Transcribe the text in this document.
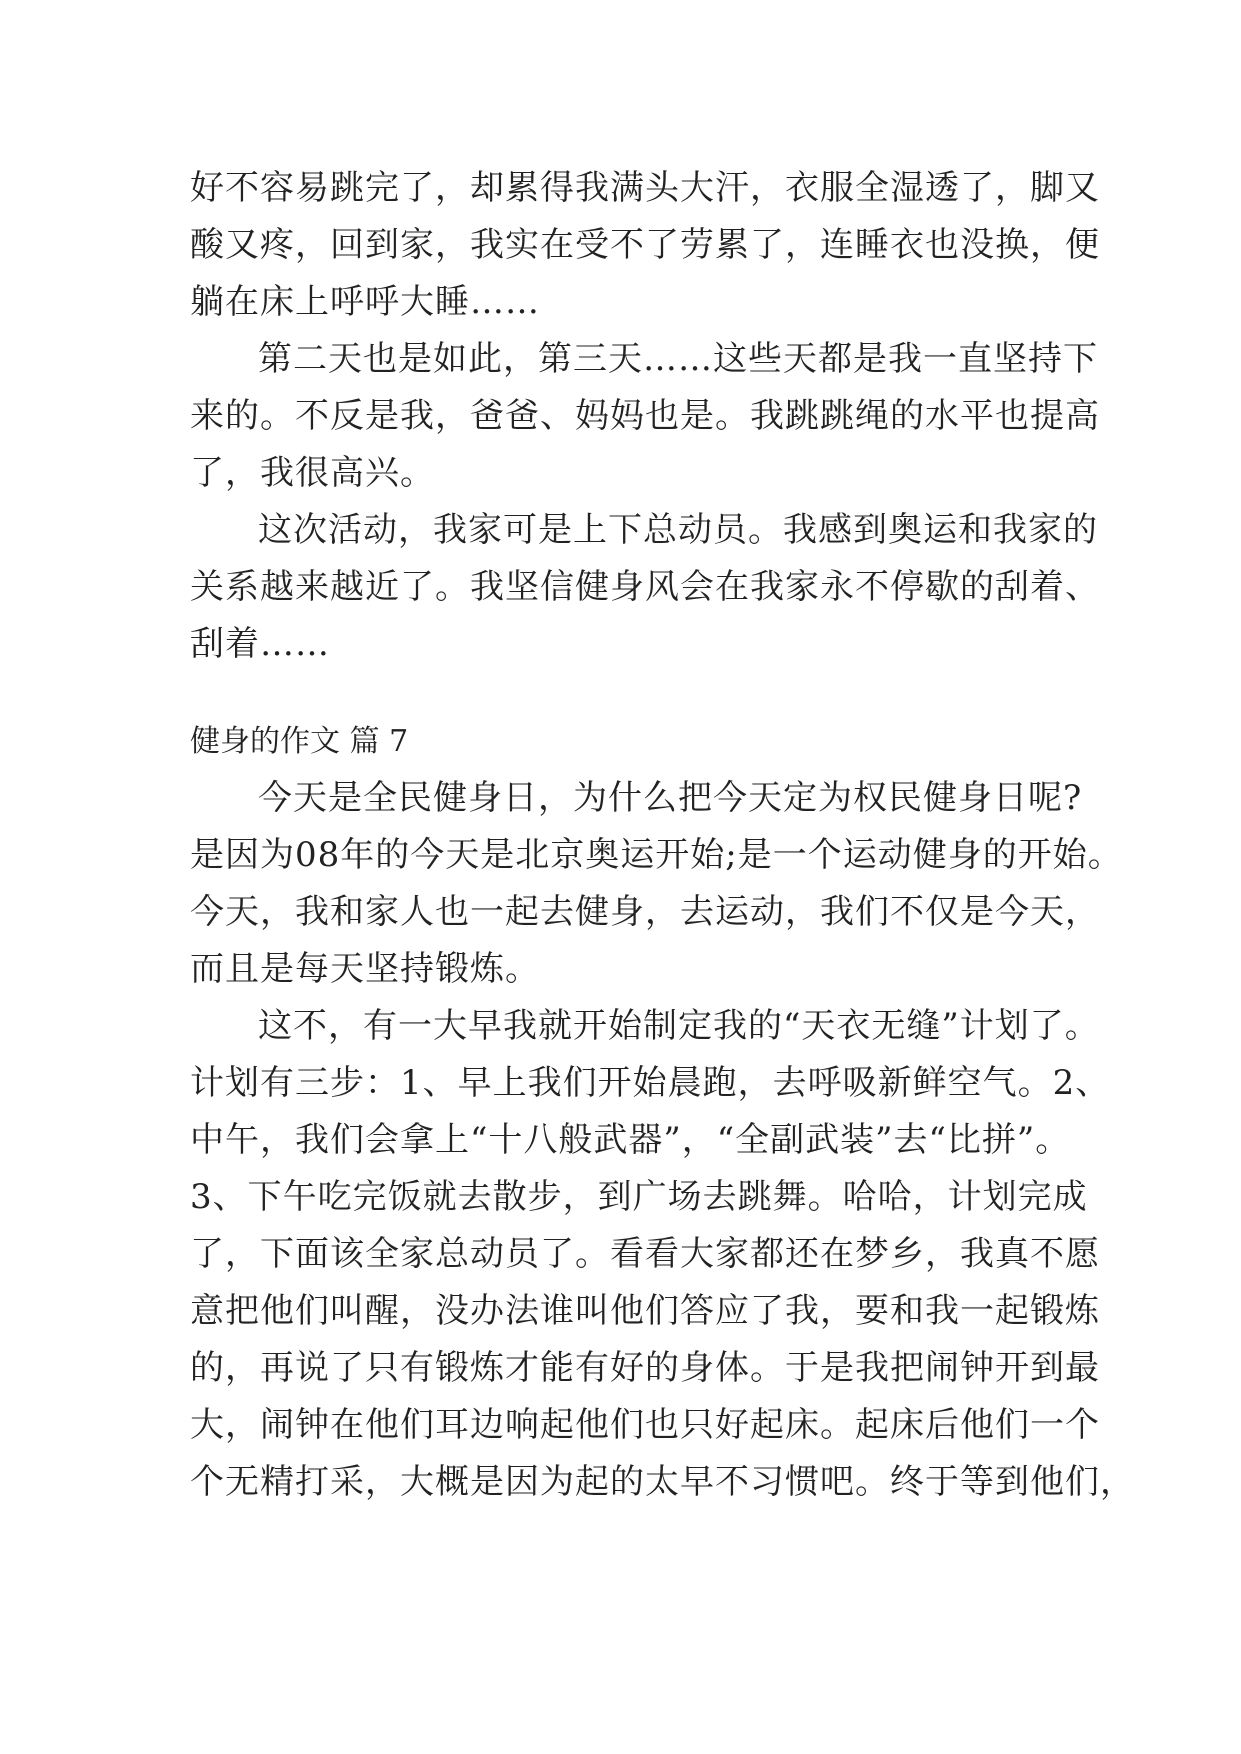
好不容易跳完了，却累得我满头大汗，衣服全湿透了，脚又
酸又疼，回到家，我实在受不了劳累了，连睡衣也没换，便
躺在床上呼呼大睡……
第二天也是如此，第三天……这些天都是我一直坚持下
来的。不反是我，爸爸、妈妈也是。我跳跳绳的水平也提高
了，我很高兴。
这次活动，我家可是上下总动员。我感到奥运和我家的
关系越来越近了。我坚信健身风会在我家永不停歇的刮着、
刮着……
健身的作文 篇 7
今天是全民健身日，为什么把今天定为权民健身日呢?
是因为08年的今天是北京奥运开始;是一个运动健身的开始。
今天，我和家人也一起去健身，去运动，我们不仅是今天，
而且是每天坚持锻炼。
这不，有一大早我就开始制定我的“天衣无缝”计划了。
计划有三步：1、早上我们开始晨跑，去呼吸新鲜空气。2、
中午，我们会拿上“十八般武器”，“全副武装”去“比拼”。
3、下午吃完饭就去散步，到广场去跳舞。哈哈，计划完成
了，下面该全家总动员了。看看大家都还在梦乡，我真不愿
意把他们叫醒，没办法谁叫他们答应了我，要和我一起锻炼
的，再说了只有锻炼才能有好的身体。于是我把闹钟开到最
大，闹钟在他们耳边响起他们也只好起床。起床后他们一个
个无精打采，大概是因为起的太早不习惯吧。终于等到他们，
